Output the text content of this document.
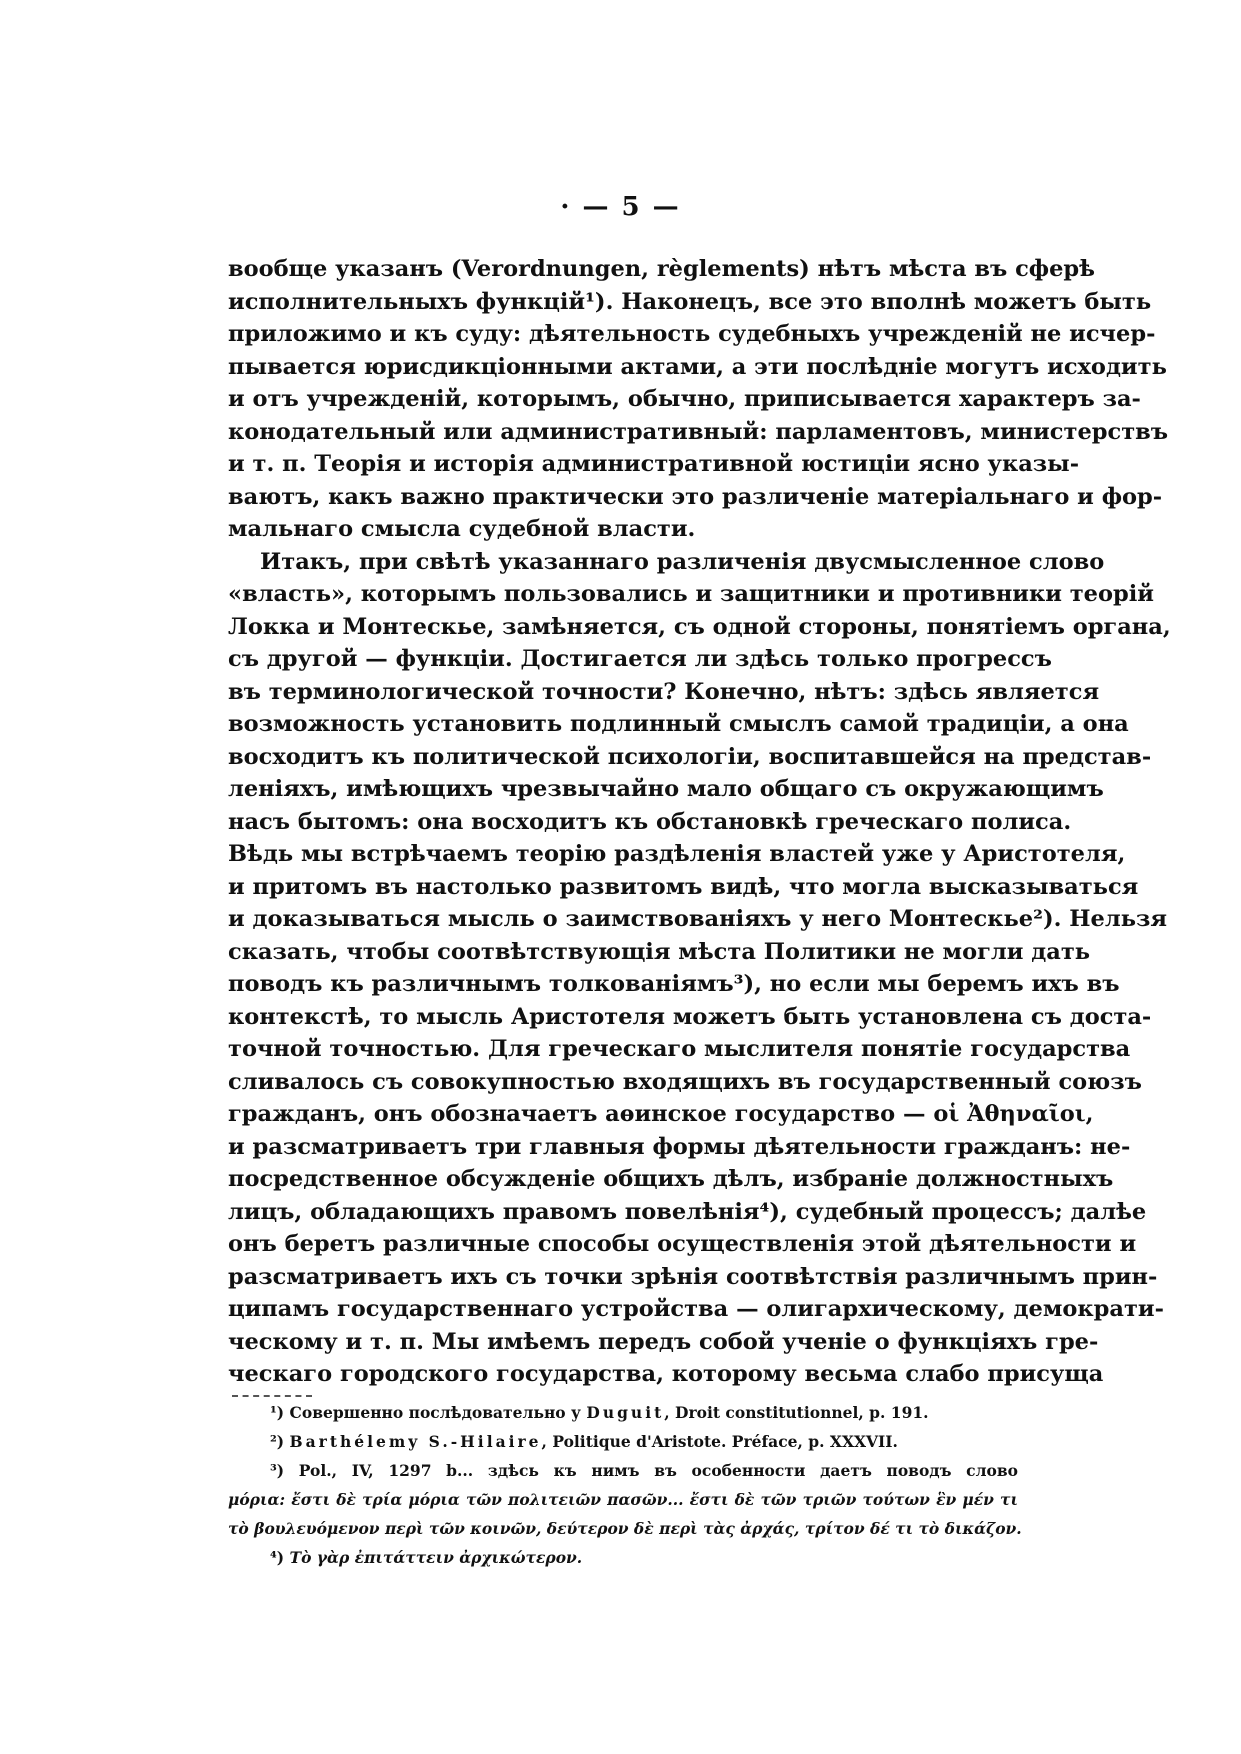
· — 5 —
вообще указанъ (Verordnungen, règlements) нѣтъ мѣста въ сферѣ
исполнительныхъ функцій¹). Наконецъ, все это вполнѣ можетъ быть
приложимо и къ суду: дѣятельность судебныхъ учрежденій не исчер-
пывается юрисдикціонными актами, а эти послѣдніе могутъ исходить
и отъ учрежденій, которымъ, обычно, приписывается характеръ за-
конодательный или административный: парламентовъ, министерствъ
и т. п. Теорія и исторія административной юстиціи ясно указы-
ваютъ, какъ важно практически это различеніе матеріальнаго и фор-
мальнаго смысла судебной власти.
Итакъ, при свѣтѣ указаннаго различенія двусмысленное слово
«власть», которымъ пользовались и защитники и противники теорій
Локка и Монтескье, замѣняется, съ одной стороны, понятіемъ органа,
съ другой — функціи. Достигается ли здѣсь только прогрессъ
въ терминологической точности? Конечно, нѣтъ: здѣсь является
возможность установить подлинный смыслъ самой традиціи, а она
восходитъ къ политической психологіи, воспитавшейся на представ-
леніяхъ, имѣющихъ чрезвычайно мало общаго съ окружающимъ
насъ бытомъ: она восходитъ къ обстановкѣ греческаго полиса.
Вѣдь мы встрѣчаемъ теорію раздѣленія властей уже у Аристотеля,
и притомъ въ настолько развитомъ видѣ, что могла высказываться
и доказываться мысль о заимствованіяхъ у него Монтескье²). Нельзя
сказать, чтобы соотвѣтствующія мѣста Политики не могли дать
поводъ къ различнымъ толкованіямъ³), но если мы беремъ ихъ въ
контекстѣ, то мысль Аристотеля можетъ быть установлена съ доста-
точной точностью. Для греческаго мыслителя понятіе государства
сливалось съ совокупностью входящихъ въ государственный союзъ
гражданъ, онъ обозначаетъ аѳинское государство — οἱ Ἀθηναῖοι,
и разсматриваетъ три главныя формы дѣятельности гражданъ: не-
посредственное обсужденіе общихъ дѣлъ, избраніе должностныхъ
лицъ, обладающихъ правомъ повелѣнія⁴), судебный процессъ; далѣе
онъ беретъ различные способы осуществленія этой дѣятельности и
разсматриваетъ ихъ съ точки зрѣнія соотвѣтствія различнымъ прин-
ципамъ государственнаго устройства — олигархическому, демократи-
ческому и т. п. Мы имѣемъ передъ собой ученіе о функціяхъ гре-
ческаго городского государства, которому весьма слабо присуща
¹) Совершенно послѣдовательно у Duguit, Droit constitutionnel, p. 191.
²) Barthélemy S.-Hilaire, Politique d'Aristote. Préface, p. XXXVII.
³) Pol., IV, 1297 b... здѣсь къ нимъ въ особенности даетъ поводъ слово
μόρια: ἔστι δὲ τρία μόρια τῶν πολιτειῶν πασῶν... ἔστι δὲ τῶν τριῶν τούτων ἓν μέν τι
τὸ βουλευόμενον περὶ τῶν κοινῶν, δεύτερον δὲ περὶ τὰς ἀρχάς, τρίτον δέ τι τὸ δικάζον.
⁴) Τὸ γὰρ ἐπιτάττειν ἀρχικώτερον.
